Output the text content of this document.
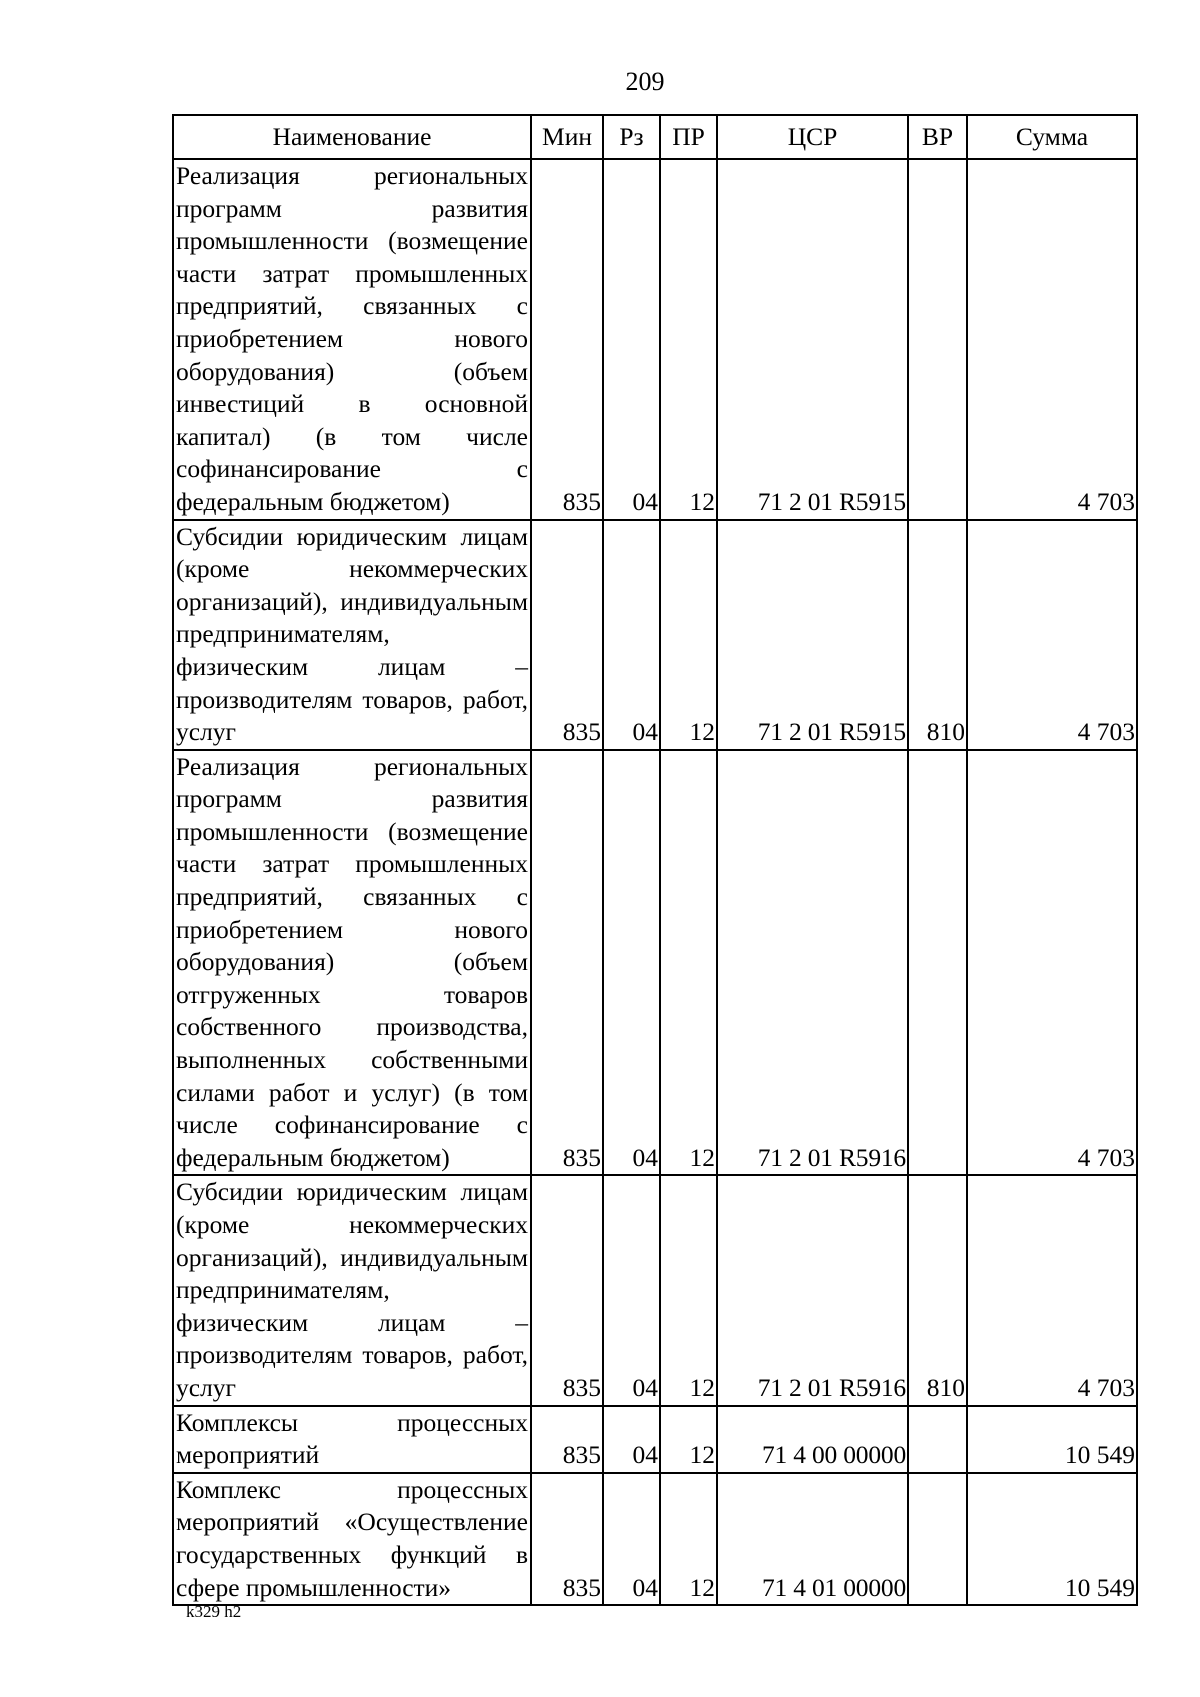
209
Наименование	Мин	Рз	ПР	ЦСР	ВР	Сумма
Реализация региональных программ развития промышленности (возмещение части затрат промышленных предприятий, связанных с приобретением нового оборудования) (объем инвестиций в основной капитал) (в том числе софинансирование с федеральным бюджетом)	835	04	12	71 2 01 R5915		4 703
Субсидии юридическим лицам (кроме некоммерческих организаций), индивидуальным предпринимателям, физическим лицам – производителям товаров, работ, услуг	835	04	12	71 2 01 R5915	810	4 703
Реализация региональных программ развития промышленности (возмещение части затрат промышленных предприятий, связанных с приобретением нового оборудования) (объем отгруженных товаров собственного производства, выполненных собственными силами работ и услуг) (в том числе софинансирование с федеральным бюджетом)	835	04	12	71 2 01 R5916		4 703
Субсидии юридическим лицам (кроме некоммерческих организаций), индивидуальным предпринимателям, физическим лицам – производителям товаров, работ, услуг	835	04	12	71 2 01 R5916	810	4 703
Комплексы процессных мероприятий	835	04	12	71 4 00 00000		10 549
Комплекс процессных мероприятий «Осуществление государственных функций в сфере промышленности»	835	04	12	71 4 01 00000		10 549
k329 h2
